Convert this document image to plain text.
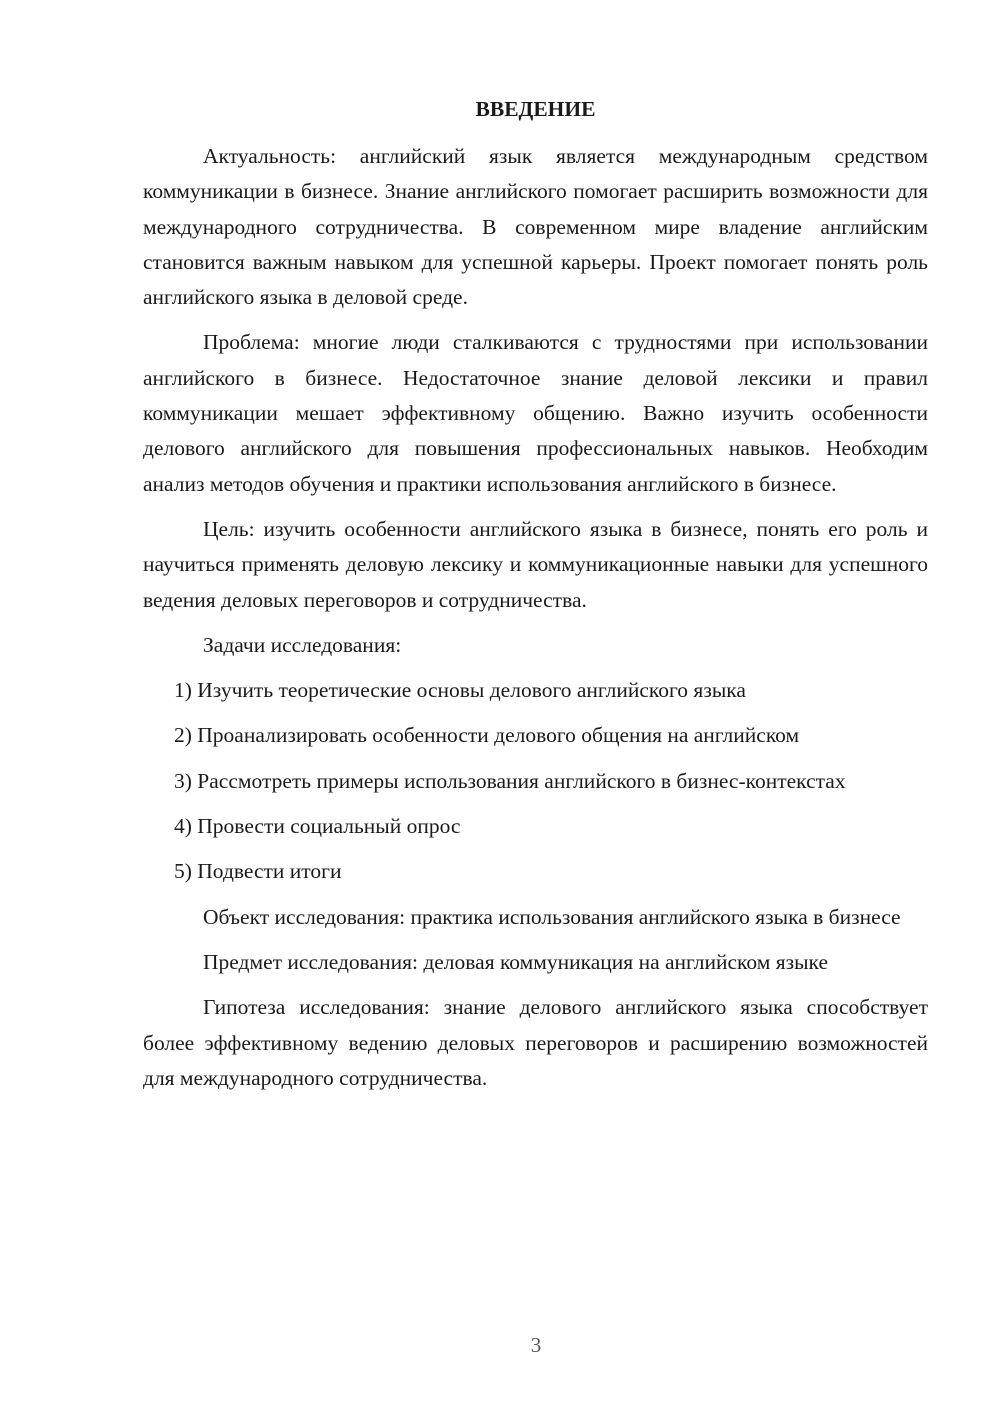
ВВЕДЕНИЕ

Актуальность: английский язык является международным средством коммуникации в бизнесе. Знание английского помогает расширить возможности для международного сотрудничества. В современном мире владение английским становится важным навыком для успешной карьеры. Проект помогает понять роль английского языка в деловой среде.

Проблема: многие люди сталкиваются с трудностями при использовании английского в бизнесе. Недостаточное знание деловой лексики и правил коммуникации мешает эффективному общению. Важно изучить особенности делового английского для повышения профессиональных навыков. Необходим анализ методов обучения и практики использования английского в бизнесе.

Цель: изучить особенности английского языка в бизнесе, понять его роль и научиться применять деловую лексику и коммуникационные навыки для успешного ведения деловых переговоров и сотрудничества.

Задачи исследования:

1) Изучить теоретические основы делового английского языка

2) Проанализировать особенности делового общения на английском

3) Рассмотреть примеры использования английского в бизнес-контекстах

4) Провести социальный опрос

5) Подвести итоги

Объект исследования: практика использования английского языка в бизнесе

Предмет исследования: деловая коммуникация на английском языке

Гипотеза исследования: знание делового английского языка способствует более эффективному ведению деловых переговоров и расширению возможностей для международного сотрудничества.

3
